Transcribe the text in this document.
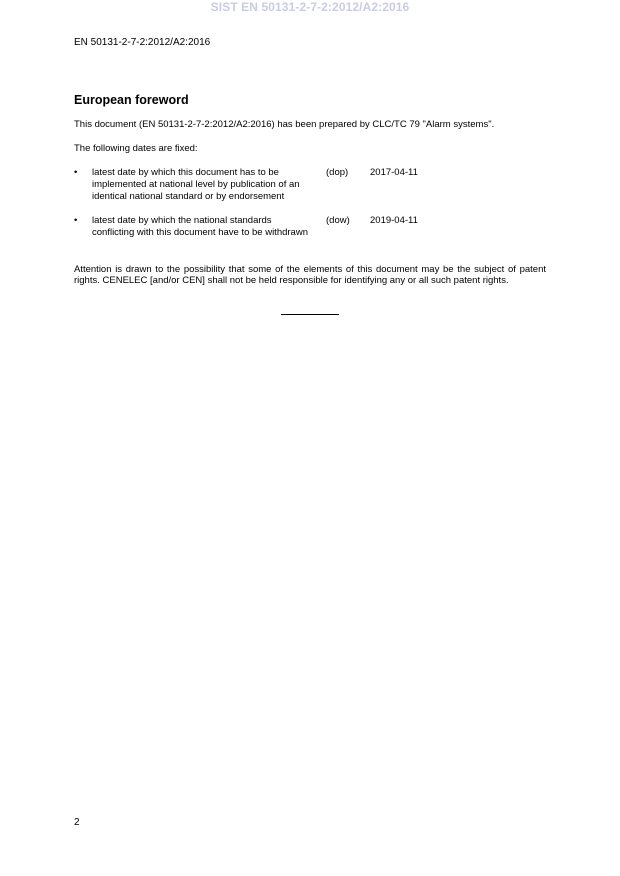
SIST EN 50131-2-7-2:2012/A2:2016
EN 50131-2-7-2:2012/A2:2016
European foreword
This document (EN 50131-2-7-2:2012/A2:2016) has been prepared by CLC/TC 79 "Alarm systems".
The following dates are fixed:
•	latest date by which this document has to be implemented at national level by publication of an identical national standard or by endorsement
(dop) 2017-04-11
•	latest date by which the national standards conflicting with this document have to be withdrawn
(dow) 2019-04-11
Attention is drawn to the possibility that some of the elements of this document may be the subject of patent rights. CENELEC [and/or CEN] shall not be held responsible for identifying any or all such patent rights.
2
